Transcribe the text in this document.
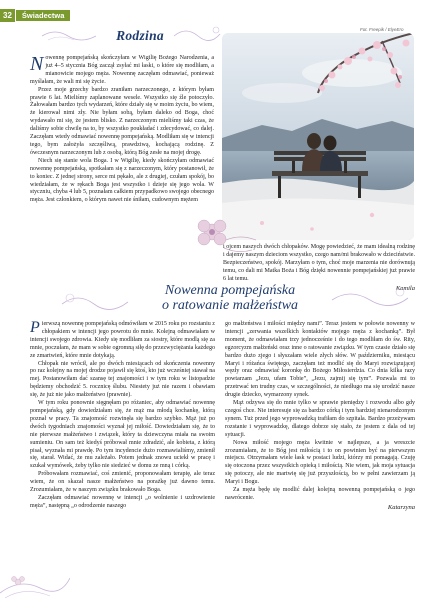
32	Świadectwa
Rodzina	Fot. Freepik / ElyeEro

Nowennę pompejańską skończyłam w Wigilię Bożego Narodzenia, a już 4–5 stycznia Bóg zaczął zsyłać mi łaski, o które się modliłam, a mianowicie mojego męża. Nowennę zaczęłam odmawiać, ponieważ myślałam, że wali mi się życie.

Przez moje grzechy bardzo zraniłam narzeczonego, z którym byłam prawie 6 lat. Mieliśmy zaplanowane wesele. Wszystko się źle potoczyło. Żałowałam bardzo tych wydarzeń, które działy się w moim życiu, bo wiem, że kierował nimi zły. Nie byłam sobą, byłam daleko od Boga, choć wydawało mi się, że jestem blisko. Z narzeczonym mieliśmy taki czas, że daliśmy sobie chwilę na to, by wszystko poukładać i zdecydować, co dalej. Zaczęłam wtedy odmawiać nowennę pompejańską. Modliłam się w intencji tego, bym założyła szczęśliwą, prawdziwą, kochającą rodzinę. Z ówczesnym narzeczonym lub z osobą, którą Bóg zesłe na mojej drogę.

Niech się stanie wola Boga. I w Wigilię, kiedy skończyłam odmawiać nowennę pompejańską, spotkałam się z narzeczonym, który postanowił, że to koniec. Z jednej strony, serce mi pękało, ale z drugiej, czułam spokój, bo wiedziałam, że w rękach Boga jest wszystko i dzieje się jego wola. W styczniu, chyba 4 lub 5, poznałam całkiem przypadkowo swojego obecnego męża. Jest członkiem, o którym nawet nie śniłam, cudownym mężem

i ojcem naszych dwóch chłopaków. Mogę powiedzieć, że mam idealną rodzinę i dajemy naszym dzieciom wszystko, czego nam/mi brakowało w dzieciństwie. Bezpieczeństwo, spokój. Marzyłam o tym, choć moje marzenia nie dorównują temu, co dali mi Matka Boża i Bóg dzięki nowennie pompejańskiej już prawie 6 lat temu.

Kamila
Nowenna pompejańska
o ratowanie małżeństwa

Pierwszą nowennę pompejańską odmówiłam w 2015 roku po rozstaniu z chłopakiem w intencji jego powrotu do mnie. Kolejną odmawiałam w intencji swojego zdrowia. Kiedy się modliłam za siostry, które modlą się za mnie, poczułam, że mam w sobie ogromną siłę do przezwyciężania każdego ze zmartwień, które mnie dotykają.

Chłopak nie wrócił, ale po dwóch miesiącach od skończenia nowenny po raz kolejny na mojej drodze pojawił się ktoś, kto już wcześniej stawał na mej. Postanowiłam dać szansę tej znajomości i w tym roku w listopadzie będziemy obchodzić 5. rocznicę ślubu. Niestety już nie razem i obawiam się, że już nie jako małżeństwo (prawnie).

W tym roku ponownie sięgnęłam po różaniec, aby odmawiać nowennę pompejańską, gdy dowiedziałam się, że mąż ma młodą kochankę, którą poznał w pracy. Ta znajomość rozwinęła się bardzo szybko. Mąż już po dwóch tygodniach znajomości wyznał jej miłość. Dowiedziałam się, że to nie pierwsze małżeństwo i związek, który ta dziewczyna miała na swoim sumieniu. On sam też kiedyś próbował mnie zdradzić, ale kobieta, z którą pisał, wyznała mi prawdę. Po tym incydencie dużo rozmawialiśmy, zmienił się, starał. Widać, że mu zależało. Potem jednak znowu uciekł w pracę i szukał wymówek, żeby tylko nie siedzieć w domu ze mną i córką.

Próbowałam rozmawiać, coś zmienić, proponowałam terapię, ale teraz wiem, że on skazał nasze małżeństwo na porażkę już dawno temu. Zrozumiałam, że w naszym związku brakowało Boga.

Zaczęłam odmawiać nowennę w intencji „o wolnienie i uzdrowienie męża”, następną „o odrodzenie naszego

go małżeństwa i miłości między nami”. Teraz jestem w połowie nowenny w intencji „zerwania wszelkich kontaktów mojego męża z kochanką”. Był moment, że odmawiałam trzy jednocześnie i do tego modliłam do św. Rity, egzorcyzm małżeński oraz inne o ratowanie związku. W tym czasie działo się bardzo dużo zjego i słyszałam wiele złych słów. W październiku, miesiącu Maryi i różańca świętego, zaczęłam też modlić się do Maryi rozwiązującej węzły oraz odmawiać koronkę do Bożego Miłosierdzia. Co dnia kilka razy powtarzam „Jezu, ufam Tobie”, „Jezu, zajmij się tym”. Pozwala mi to przetrwać ten trudny czas, w szczególności, że niedługo ma się urodzić nasze drugie dziecko, wymarzony synek.

Mąż odzywa się do mnie tylko w sprawie pieniędzy i rozwodu albo gdy czegoś chce. Nie interesuje się za bardzo córką i tym bardziej nienarodzonym synem. Tuż przed jego wyprowadzką trafiłam do szpitala. Bardzo przeżywam rozstanie i wyprowadzkę, dlatego dobrze się stało, że jestem z dala od tej sytuacji.

Nowa miłość mojego męża kwitnie w najlepsze, a ja wreszcie zrozumiałam, że to Bóg jest miłością i to on powinien być na pierwszym miejscu. Otrzymałam wiele łask w postaci ludzi, którzy mi pomagają. Czuję się otoczona przez wszystkich opieką i miłością. Nie wiem, jak moja sytuacja się potoczy, ale nie martwię się już przyszłością, bo w pełni zawierzam ją Maryi i Bogu.

Za męża będę się modlić dalej kolejną nowenną pompejańską o jego nawrócenie.

Katarzyna
